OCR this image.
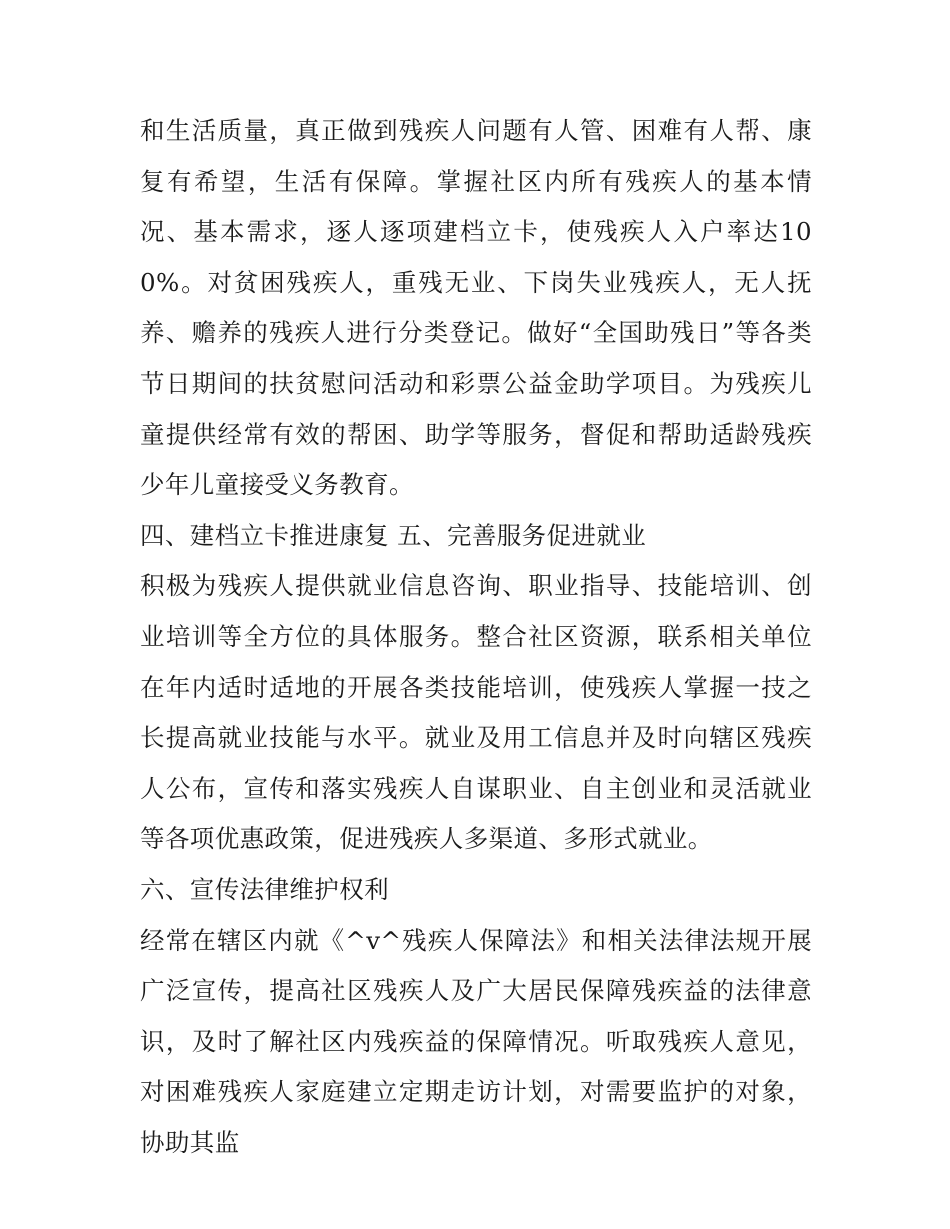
和生活质量，真正做到残疾人问题有人管、困难有人帮、康复有希望，生活有保障。掌握社区内所有残疾人的基本情况、基本需求，逐人逐项建档立卡，使残疾人入户率达100%。对贫困残疾人，重残无业、下岗失业残疾人，无人抚养、赡养的残疾人进行分类登记。做好“全国助残日”等各类节日期间的扶贫慰问活动和彩票公益金助学项目。为残疾儿童提供经常有效的帮困、助学等服务，督促和帮助适龄残疾少年儿童接受义务教育。

四、建档立卡推进康复 五、完善服务促进就业

积极为残疾人提供就业信息咨询、职业指导、技能培训、创业培训等全方位的具体服务。整合社区资源，联系相关单位在年内适时适地的开展各类技能培训，使残疾人掌握一技之长提高就业技能与水平。就业及用工信息并及时向辖区残疾人公布，宣传和落实残疾人自谋职业、自主创业和灵活就业等各项优惠政策，促进残疾人多渠道、多形式就业。

六、宣传法律维护权利

经常在辖区内就《^v^残疾人保障法》和相关法律法规开展广泛宣传，提高社区残疾人及广大居民保障残疾益的法律意识，及时了解社区内残疾益的保障情况。听取残疾人意见，对困难残疾人家庭建立定期走访计划，对需要监护的对象，协助其监
